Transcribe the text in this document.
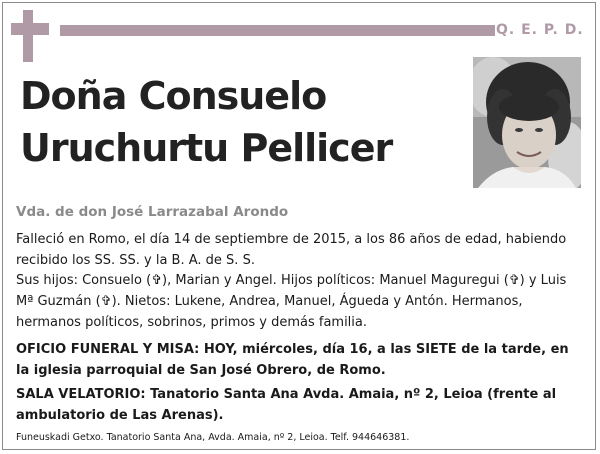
Q. E. P. D.
Doña Consuelo
Uruchurtu Pellicer
Vda. de don José Larrazabal Arondo

Falleció en Romo, el día 14 de septiembre de 2015, a los 86 años de edad, habiendo recibido los SS. SS. y la B. A. de S. S.

Sus hijos: Consuelo (✞), Marian y Angel. Hijos políticos: Manuel Maguregui (✞) y Luis Mª Guzmán (✞). Nietos: Lukene, Andrea, Manuel, Águeda y Antón. Hermanos, hermanos políticos, sobrinos, primos y demás familia.

OFICIO FUNERAL Y MISA: HOY, miércoles, día 16, a las SIETE de la tarde, en la iglesia parroquial de San José Obrero, de Romo.

SALA VELATORIO: Tanatorio Santa Ana Avda. Amaia, nº 2, Leioa (frente al ambulatorio de Las Arenas).

Funeuskadi Getxo. Tanatorio Santa Ana, Avda. Amaia, nº 2, Leioa. Telf. 944646381.
